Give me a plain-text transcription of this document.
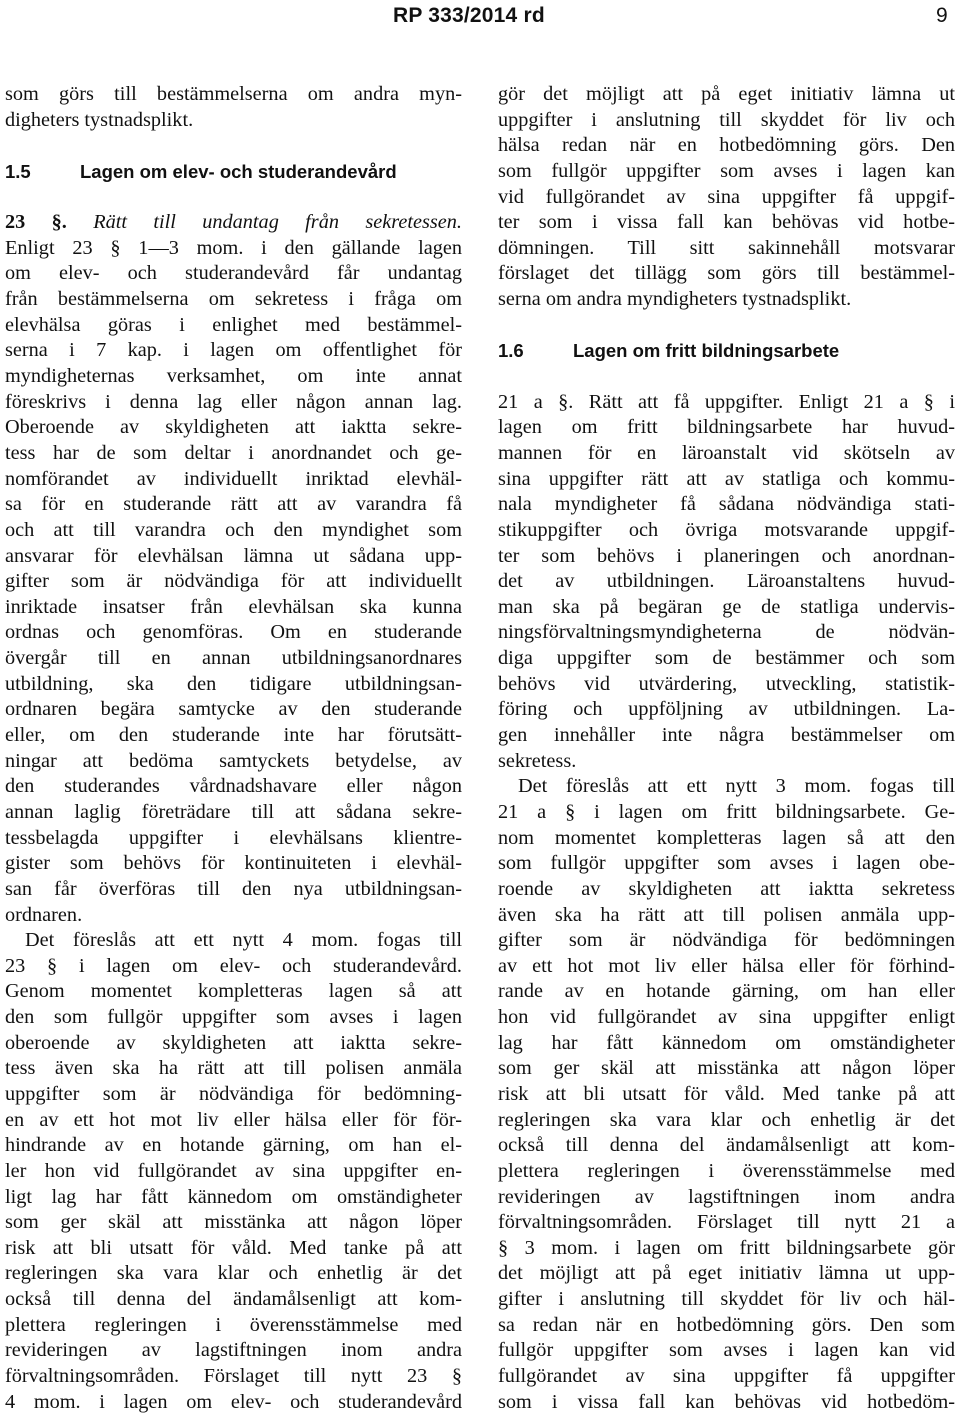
RP 333/2014 rd	9
som görs till bestämmelserna om andra myn-
digheters tystnadsplikt.
1.5	Lagen om elev- och studerandevård
23 §. Rätt till undantag från sekretessen.
Enligt 23 § 1—3 mom. i den gällande lagen
om elev- och studerandevård får undantag
från bestämmelserna om sekretess i fråga om
elevhälsa göras i enlighet med bestämmel-
serna i 7 kap. i lagen om offentlighet för
myndigheternas verksamhet, om inte annat
föreskrivs i denna lag eller någon annan lag.
Oberoende av skyldigheten att iaktta sekre-
tess har de som deltar i anordnandet och ge-
nomförandet av individuellt inriktad elevhäl-
sa för en studerande rätt att av varandra få
och att till varandra och den myndighet som
ansvarar för elevhälsan lämna ut sådana upp-
gifter som är nödvändiga för att individuellt
inriktade insatser från elevhälsan ska kunna
ordnas och genomföras. Om en studerande
övergår till en annan utbildningsanordnares
utbildning, ska den tidigare utbildningsan-
ordnaren begära samtycke av den studerande
eller, om den studerande inte har förutsätt-
ningar att bedöma samtyckets betydelse, av
den studerandes vårdnadshavare eller någon
annan laglig företrädare till att sådana sekre-
tessbelagda uppgifter i elevhälsans klientre-
gister som behövs för kontinuiteten i elevhäl-
san får överföras till den nya utbildningsan-
ordnaren.
Det föreslås att ett nytt 4 mom. fogas till
23 § i lagen om elev- och studerandevård.
Genom momentet kompletteras lagen så att
den som fullgör uppgifter som avses i lagen
oberoende av skyldigheten att iaktta sekre-
tess även ska ha rätt att till polisen anmäla
uppgifter som är nödvändiga för bedömning-
en av ett hot mot liv eller hälsa eller för för-
hindrande av en hotande gärning, om han el-
ler hon vid fullgörandet av sina uppgifter en-
ligt lag har fått kännedom om omständigheter
som ger skäl att misstänka att någon löper
risk att bli utsatt för våld. Med tanke på att
regleringen ska vara klar och enhetlig är det
också till denna del ändamålsenligt att kom-
plettera regleringen i överensstämmelse med
revideringen av lagstiftningen inom andra
förvaltningsområden. Förslaget till nytt 23 §
4 mom. i lagen om elev- och studerandevård
gör det möjligt att på eget initiativ lämna ut
uppgifter i anslutning till skyddet för liv och
hälsa redan när en hotbedömning görs. Den
som fullgör uppgifter som avses i lagen kan
vid fullgörandet av sina uppgifter få uppgif-
ter som i vissa fall kan behövas vid hotbe-
dömningen. Till sitt sakinnehåll motsvarar
förslaget det tillägg som görs till bestämmel-
serna om andra myndigheters tystnadsplikt.
1.6	Lagen om fritt bildningsarbete
21 a §. Rätt att få uppgifter. Enligt 21 a § i
lagen om fritt bildningsarbete har huvud-
mannen för en läroanstalt vid skötseln av
sina uppgifter rätt att av statliga och kommu-
nala myndigheter få sådana nödvändiga stati-
stikuppgifter och övriga motsvarande uppgif-
ter som behövs i planeringen och anordnan-
det av utbildningen. Läroanstaltens huvud-
man ska på begäran ge de statliga undervis-
ningsförvaltningsmyndigheterna de nödvän-
diga uppgifter som de bestämmer och som
behövs vid utvärdering, utveckling, statistik-
föring och uppföljning av utbildningen. La-
gen innehåller inte några bestämmelser om
sekretess.
Det föreslås att ett nytt 3 mom. fogas till
21 a § i lagen om fritt bildningsarbete. Ge-
nom momentet kompletteras lagen så att den
som fullgör uppgifter som avses i lagen obe-
roende av skyldigheten att iaktta sekretess
även ska ha rätt att till polisen anmäla upp-
gifter som är nödvändiga för bedömningen
av ett hot mot liv eller hälsa eller för förhind-
rande av en hotande gärning, om han eller
hon vid fullgörandet av sina uppgifter enligt
lag har fått kännedom om omständigheter
som ger skäl att misstänka att någon löper
risk att bli utsatt för våld. Med tanke på att
regleringen ska vara klar och enhetlig är det
också till denna del ändamålsenligt att kom-
plettera regleringen i överensstämmelse med
revideringen av lagstiftningen inom andra
förvaltningsområden. Förslaget till nytt 21 a
§ 3 mom. i lagen om fritt bildningsarbete gör
det möjligt att på eget initiativ lämna ut upp-
gifter i anslutning till skyddet för liv och häl-
sa redan när en hotbedömning görs. Den som
fullgör uppgifter som avses i lagen kan vid
fullgörandet av sina uppgifter få uppgifter
som i vissa fall kan behövas vid hotbedöm-
